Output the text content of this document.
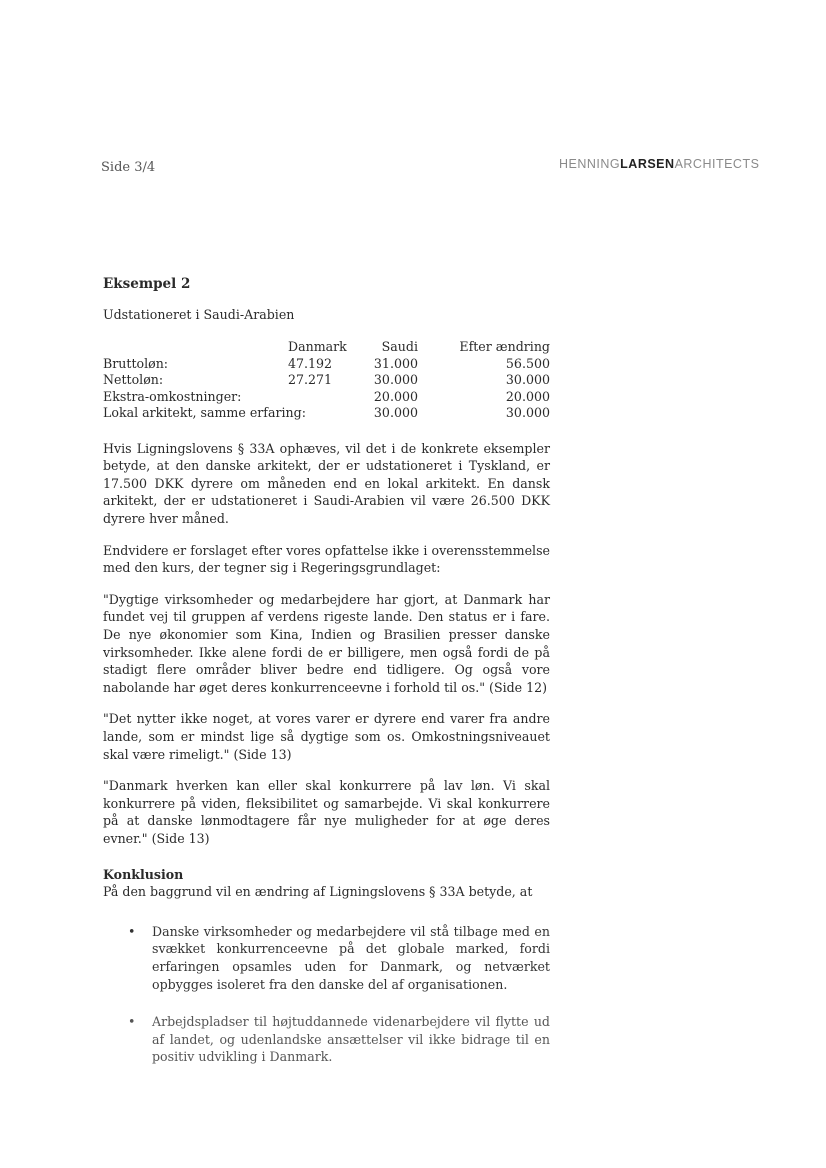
Side 3/4	HENNINGLARSENARCHITECTS
Eksempel 2
Udstationeret i Saudi-Arabien
	Danmark	Saudi	Efter ændring
Bruttoløn:	47.192	31.000	56.500
Nettoløn:	27.271	30.000	30.000
Ekstra-omkostninger:		20.000	20.000
Lokal arkitekt, samme erfaring:		30.000	30.000

Hvis Ligningslovens § 33A ophæves, vil det i de konkrete eksempler betyde, at den danske arkitekt, der er udstationeret i Tyskland, er 17.500 DKK dyrere om måneden end en lokal arkitekt. En dansk arkitekt, der er udstationeret i Saudi-Arabien vil være 26.500 DKK dyrere hver måned.

Endvidere er forslaget efter vores opfattelse ikke i overensstemmelse med den kurs, der tegner sig i Regeringsgrundlaget:

"Dygtige virksomheder og medarbejdere har gjort, at Danmark har fundet vej til gruppen af verdens rigeste lande. Den status er i fare. De nye økonomier som Kina, Indien og Brasilien presser danske virksomheder. Ikke alene fordi de er billigere, men også fordi de på stadigt flere områder bliver bedre end tidligere. Og også vore nabolande har øget deres konkurrenceevne i forhold til os." (Side 12)

"Det nytter ikke noget, at vores varer er dyrere end varer fra andre lande, som er mindst lige så dygtige som os. Omkostningsniveauet skal være rimeligt." (Side 13)

"Danmark hverken kan eller skal konkurrere på lav løn. Vi skal konkurrere på viden, fleksibilitet og samarbejde. Vi skal konkurrere på at danske lønmodtagere får nye muligheder for at øge deres evner." (Side 13)

Konklusion
På den baggrund vil en ændring af Ligningslovens § 33A betyde, at
• Danske virksomheder og medarbejdere vil stå tilbage med en svækket konkurrenceevne på det globale marked, fordi erfaringen opsamles uden for Danmark, og netværket opbygges isoleret fra den danske del af organisationen.
• Arbejdspladser til højtuddannede videnarbejdere vil flytte ud af landet, og udenlandske ansættelser vil ikke bidrage til en positiv udvikling i Danmark.
